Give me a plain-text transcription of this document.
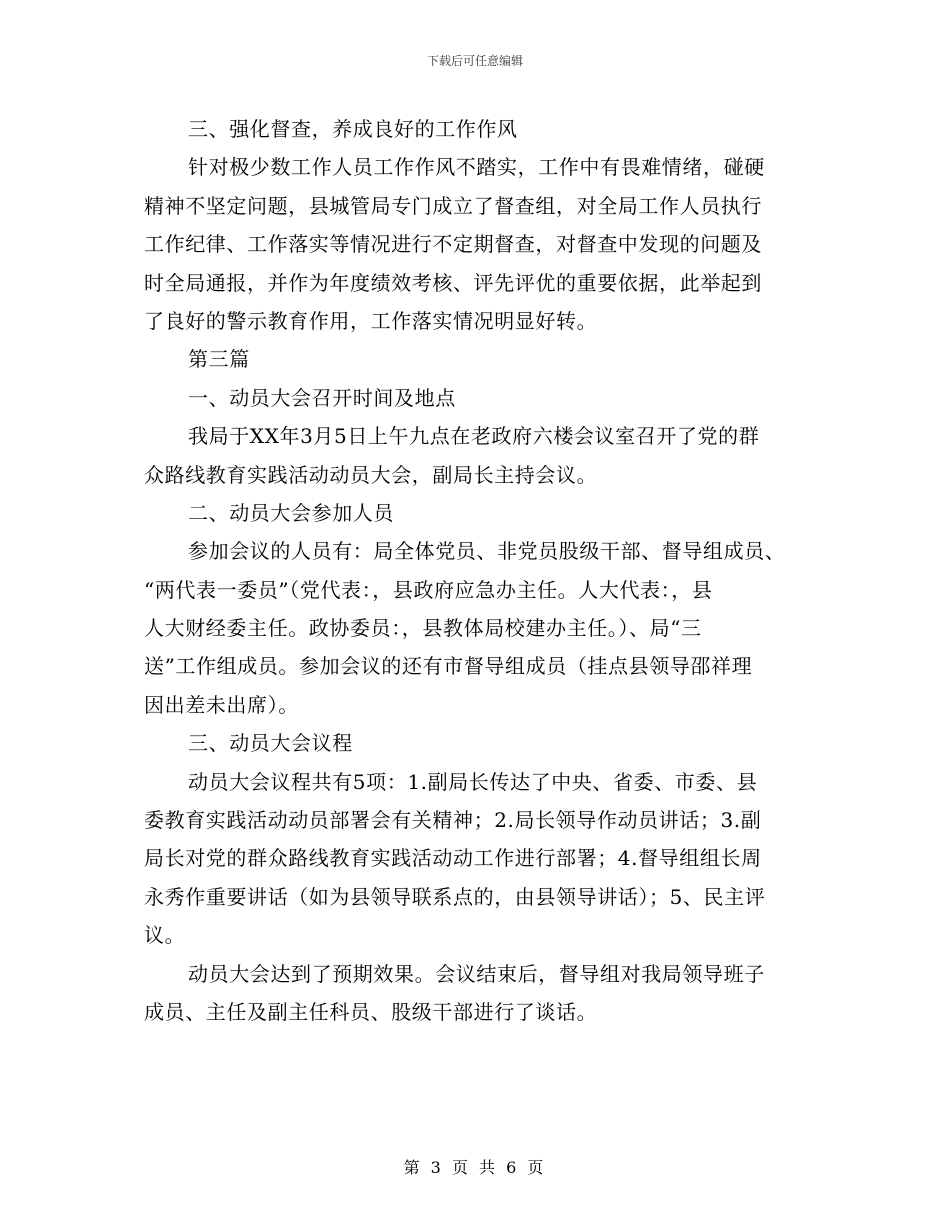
下载后可任意编辑
三、强化督查，养成良好的工作作风
针对极少数工作人员工作作风不踏实，工作中有畏难情绪，碰硬
精神不坚定问题，县城管局专门成立了督查组，对全局工作人员执行
工作纪律、工作落实等情况进行不定期督查，对督查中发现的问题及
时全局通报，并作为年度绩效考核、评先评优的重要依据，此举起到
了良好的警示教育作用，工作落实情况明显好转。
第三篇
一、动员大会召开时间及地点
我局于XX年3月5日上午九点在老政府六楼会议室召开了党的群
众路线教育实践活动动员大会，副局长主持会议。
二、动员大会参加人员
参加会议的人员有：局全体党员、非党员股级干部、督导组成员、
“两代表一委员”（党代表：，县政府应急办主任。人大代表：，县
人大财经委主任。政协委员：，县教体局校建办主任。）、局“三
送”工作组成员。参加会议的还有市督导组成员（挂点县领导邵祥理
因出差未出席）。
三、动员大会议程
动员大会议程共有5项：1.副局长传达了中央、省委、市委、县
委教育实践活动动员部署会有关精神；2.局长领导作动员讲话；3.副
局长对党的群众路线教育实践活动动工作进行部署；4.督导组组长周
永秀作重要讲话（如为县领导联系点的，由县领导讲话）；5、民主评
议。
动员大会达到了预期效果。会议结束后，督导组对我局领导班子
成员、主任及副主任科员、股级干部进行了谈话。
第 3 页 共 6 页
